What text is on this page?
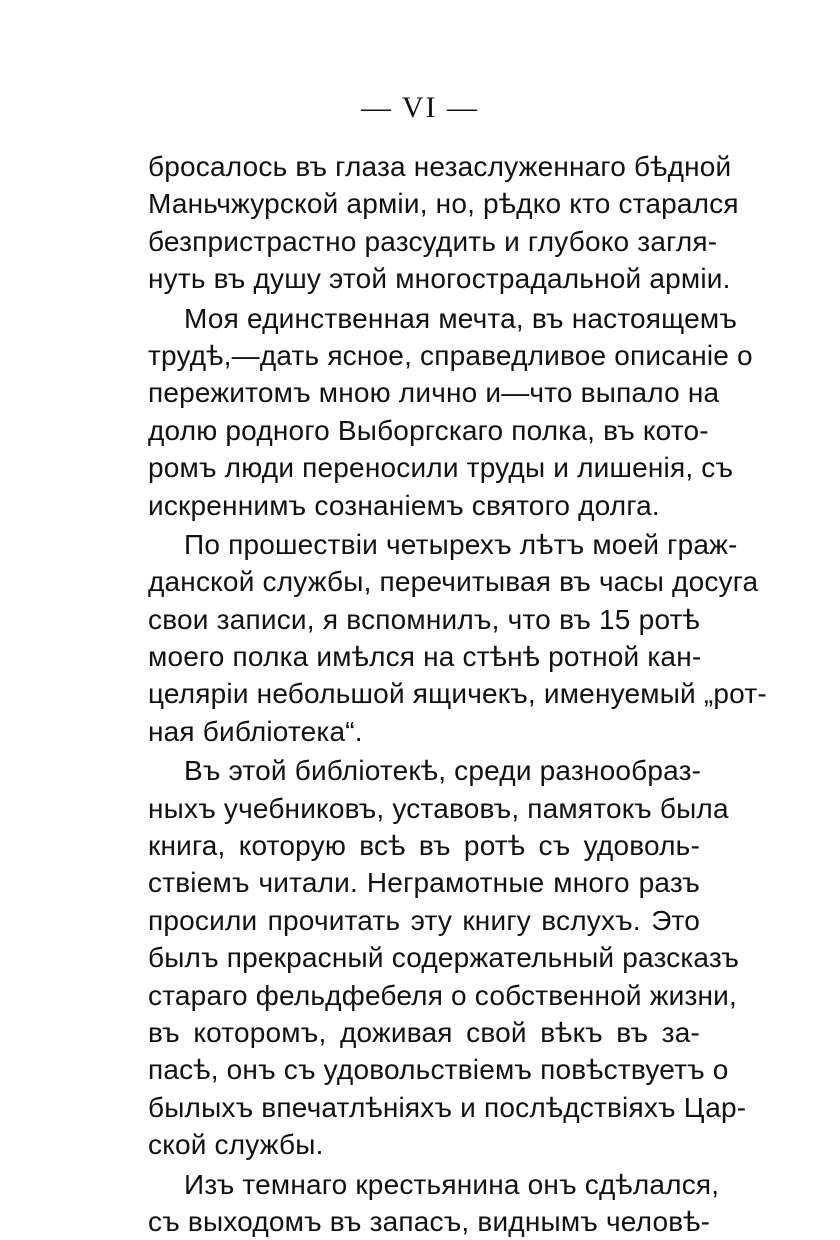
— VI —
бросалось въ глаза незаслуженнаго бѣдной
Маньчжурской арміи, но, рѣдко кто старался
безпристрастно разсудить и глубоко загля-
нуть въ душу этой многострадальной арміи.
Моя единственная мечта, въ настоящемъ
трудѣ,—дать ясное, справедливое описаніе о
пережитомъ мною лично и—что выпало на
долю родного Выборгскаго полка, въ кото-
ромъ люди переносили труды и лишенія, съ
искреннимъ сознаніемъ святого долга.
По прошествіи четырехъ лѣтъ моей граж-
данской службы, перечитывая въ часы досуга
свои записи, я вспомнилъ, что въ 15 ротѣ
моего полка имѣлся на стѣнѣ ротной кан-
целяріи небольшой ящичекъ, именуемый „рот-
ная библіотека“.
Въ этой библіотекѣ, среди разнообраз-
ныхъ учебниковъ, уставовъ, памятокъ была
книга, которую всѣ въ ротѣ съ удоволь-
ствіемъ читали. Неграмотные много разъ
просили прочитать эту книгу вслухъ. Это
былъ прекрасный содержательный разсказъ
стараго фельдфебеля о собственной жизни,
въ которомъ, доживая свой вѣкъ въ за-
пасѣ, онъ съ удовольствіемъ повѣствуетъ о
былыхъ впечатлѣніяхъ и послѣдствіяхъ Цар-
ской службы.
Изъ темнаго крестьянина онъ сдѣлался,
съ выходомъ въ запасъ, виднымъ человѣ-
